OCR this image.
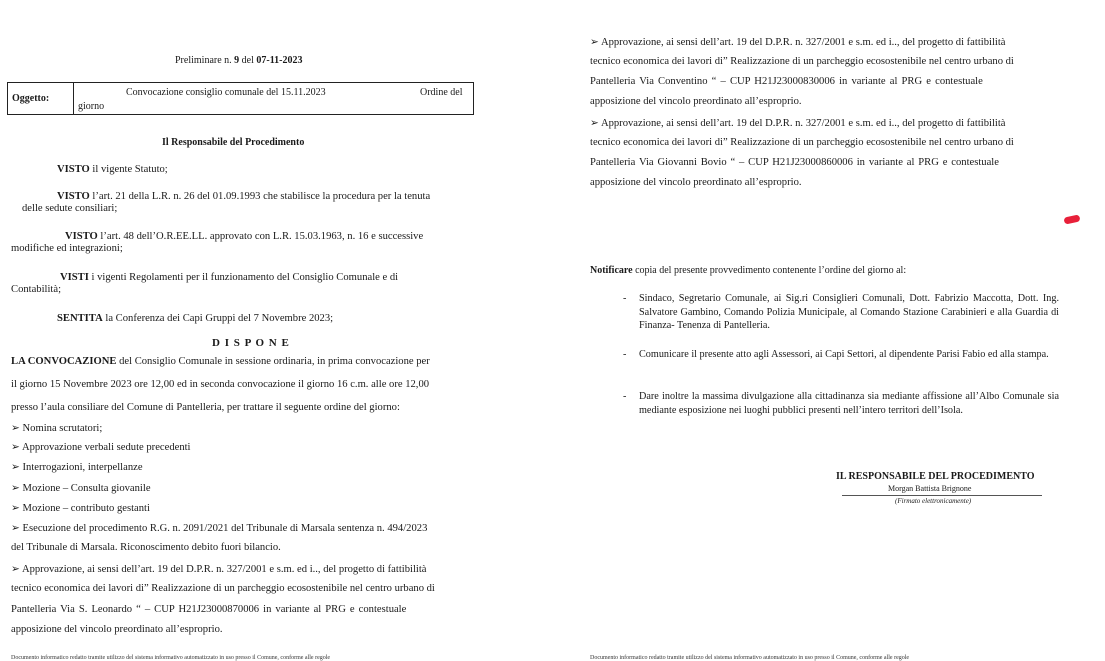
Preliminare n. 9 del 07-11-2023
Oggetto:
Convocazione consiglio comunale del 15.11.2023	Ordine del
giorno
Il Responsabile del Procedimento
VISTO il vigente Statuto;
VISTO l’art. 21 della L.R. n. 26 del 01.09.1993 che stabilisce la procedura per la tenuta
delle sedute consiliari;
VISTO l’art. 48 dell’O.R.EE.LL. approvato con L.R. 15.03.1963, n. 16 e successive
modifiche ed integrazioni;
VISTI i vigenti Regolamenti per il funzionamento del Consiglio Comunale e di
Contabilità;
SENTITA la Conferenza dei Capi Gruppi del 7 Novembre 2023;
D I S P O N E
LA CONVOCAZIONE del Consiglio Comunale in sessione ordinaria, in prima convocazione per
il giorno 15 Novembre 2023 ore 12,00 ed in seconda convocazione il giorno 16 c.m. alle ore 12,00
presso l’aula consiliare del Comune di Pantelleria, per trattare il seguente ordine del giorno:
➢ Nomina scrutatori;
➢ Approvazione verbali sedute precedenti
➢ Interrogazioni, interpellanze
➢ Mozione – Consulta giovanile
➢ Mozione – contributo gestanti
➢ Esecuzione del procedimento R.G. n. 2091/2021 del Tribunale di Marsala sentenza n. 494/2023
del Tribunale di Marsala. Riconoscimento debito fuori bilancio.
➢ Approvazione, ai sensi dell’art. 19 del D.P.R. n. 327/2001 e s.m. ed i.., del progetto di fattibilità
tecnico economica dei lavori di” Realizzazione di un parcheggio ecosostenibile nel centro urbano di
Pantelleria Via S. Leonardo “ – CUP H21J23000870006 in variante al PRG e contestuale
apposizione del vincolo preordinato all’esproprio.
Documento informatico redatto tramite utilizzo del sistema informativo automatizzato in uso presso il Comune, conforme alle regole
➢ Approvazione, ai sensi dell’art. 19 del D.P.R. n. 327/2001 e s.m. ed i.., del progetto di fattibilità
tecnico economica dei lavori di” Realizzazione di un parcheggio ecosostenibile nel centro urbano di
Pantelleria Via Conventino “ – CUP H21J23000830006 in variante al PRG e contestuale
apposizione del vincolo preordinato all’esproprio.
➢ Approvazione, ai sensi dell’art. 19 del D.P.R. n. 327/2001 e s.m. ed i.., del progetto di fattibilità
tecnico economica dei lavori di” Realizzazione di un parcheggio ecosostenibile nel centro urbano di
Pantelleria Via Giovanni Bovio “ – CUP H21J23000860006 in variante al PRG e contestuale
apposizione del vincolo preordinato all’esproprio.
Notificare copia del presente provvedimento contenente l’ordine del giorno al:
- Sindaco, Segretario Comunale, ai Sig.ri Consiglieri Comunali, Dott. Fabrizio Maccotta, Dott. Ing. Salvatore Gambino, Comando Polizia Municipale, al Comando Stazione Carabinieri e alla Guardia di Finanza- Tenenza di Pantelleria.
- Comunicare il presente atto agli Assessori, ai Capi Settori, al dipendente Parisi Fabio ed alla stampa.
- Dare inoltre la massima divulgazione alla cittadinanza sia mediante affissione all’Albo Comunale sia mediante esposizione nei luoghi pubblici presenti nell’intero territori dell’Isola.
IL RESPONSABILE DEL PROCEDIMENTO
Morgan Battista Brignone
(Firmato elettronicamente)
Documento informatico redatto tramite utilizzo del sistema informativo automatizzato in uso presso il Comune, conforme alle regole
